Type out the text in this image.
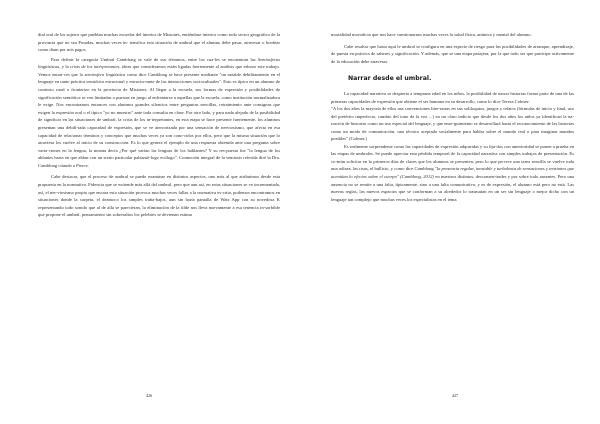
dial oral de los sujetos que pueblan muchas escuelas del interior de Misiones, entiéndase interior como todo sector geográfico de la provincia que no sea Posadas, muchas veces in- tensifica esta situación de umbral que el alumno debe pasar, atravesar o bordear como diam por mis pagos.

Para definir la categoría Umbral Camblong se vale de sus términos, entre los cua-les se encuentran las Semiosferas lingüísticas, y la crisis de los intérpretantes, ideas que consideramos están ligadas fuertemente al análisis que esbozo este trabajo. Vemos enton-ces que la semiosfera lingüística como dice Camblong se hace presente mediante "un notable debilitamiento en el lenguaje en tanto práctica semiótica estructural y estructu-rante de las interacciones sociocultuales". Esto es típico en un alumno de contexto rural o fronterizo en la provincia de Misiones. Al llegar a la escuela, sus formas de expresión y posibilidades de significación semiótica se ven limitadas o puestas en juego al enfrentarse a aquellas que la escuela, como institución normalizadora le exige. Nos encontramos entonces con alumnos grandes silencios entre preguntas sencillas, retraimiento ante consignas que exigen la expresión oral o el típico "yo no muestro" ante toda consulta en clase. Por otro lado, y para nada alejado de la posibilidad de significar en las situaciones de umbral, la crisis de los in-terpretantes, en esta etapa se hace presente fuertemente, los alumnos presentan una debili-tada capacidad de expresión, que se ve aterrorizada por una sensación de nerviosismo, que afecta en esa capacidad de relacionar términos y conceptos que muchas veces ya son cono-cidos por ellos, pero que la misma situación que lo atraviesa los vuelve al inicio de su construcción. Es lo que genera el ejemplo de una respuesta obtenida ante una pregunta sobre varia-ciones en la lengua, la misma decía ¿Por qué varían las lenguas de los hablantes? Y su res-puesta fue "la lengua de los ablantes baria en que ablan con un sierto particular palasntó-logo ecólogo". Connoción integral de la semiosis referida diré la Dra. Camblong citando a Pierce.

Cabe destacar, que el proceso de umbral se puede examinar en distintos aspectos, uno más al que atribuimos desde esta propuesta en la normativa. Fidencia que se extiende más allá del umbral, pero que aun así, en estas situaciones se ve incrementada, así, el ner-viosismo propio que encara esta situación provoca muchas veces fallas a la normativa es-crita, podemos encontramos en situaciones donde la carpeta, el deamoco los simples traba-bajos, aun sin haría pantalla de Wats App con su novedosa K representando todo sonido que al de alla se parecieran, la eliminación de la tilde nos lleva nuevamente a esa tenencia in-sorbible que propone el umbral, pensamiento sin sobresaltos los pelebres se devienan estima

426

mortalidad mortalicia que nos hace cuestionarnos muchas veces la salud física, anímica y mental del alumno.

Cabe resaltar que hasta aquí le umbral se configura en una especie de riesgo para las posibilidades de arranque, aprendizaje, de puesta en práctica de saberes y significación. Y además, que se una etapa pasajera, por la que todo ser que participe activamente de la educación debe atravesar.

Narrar desde el umbral.

La capacidad narrativa se despierta a temprana edad en los niños, la posibilidad de narrar historias forma parte de una de las primeras capacidades de expresión que obtiene el ser humano en su desarrollo, como lo dice Teresa Colmer:

"A los dos años la mayoría de ellos usa convenciones liter-rarias en sus soliloquios, juegos y relatos (fórmulas de inicio y final, uso del pretérito imperfecto, cambio del tono de la voz ...) en un claro indicio que desde los dos años los niños ya identifican la na-rración de historias como un uso especial del lenguaje, y que ense-guimiento se desarrollará hasta el reconocimiento de las historias como un modo de comunicación, una técnica aceptada socialmente para hablar sobre el mundo real o para imaginar mundos posibles" (Colmer,)

Es realmente sorprendente como las capacidades de expresión adquiridas y su fija-dos con anterioridad se ponen a prueba en las etapas de umbrales. Se puede apreciar esta pérdida temporal de la capacidad narrativa con simples trabajos de presentación. Es co-mún solicitar en la primeros días de clases que los alumnos se presenten, pero lo que pa-rece una tarea sencilla se vuelve toda una odisea, las risas, el bullicio, y como dice Camblong "la presencia regular, inestable y turbulenta de sensaciones y tensiones que acentúan lo efectos sobre el cuerpo" (Camblong, 2012) en nuestros distintos, descomen-trades y por sobre todo ausentes. Pero una ausencia no se remite a una falta, típicamente, sino a una falta comunicativa, y es de expresión, el alumno está pero no está. Las nuevas reglas, los nuevos espacios que se conforman a su alrededor lo trasmutan en un ser sin lenguaje o mejor dicho con un lenguaje tan complejo que muchas veces los especialistas en el tema

427
